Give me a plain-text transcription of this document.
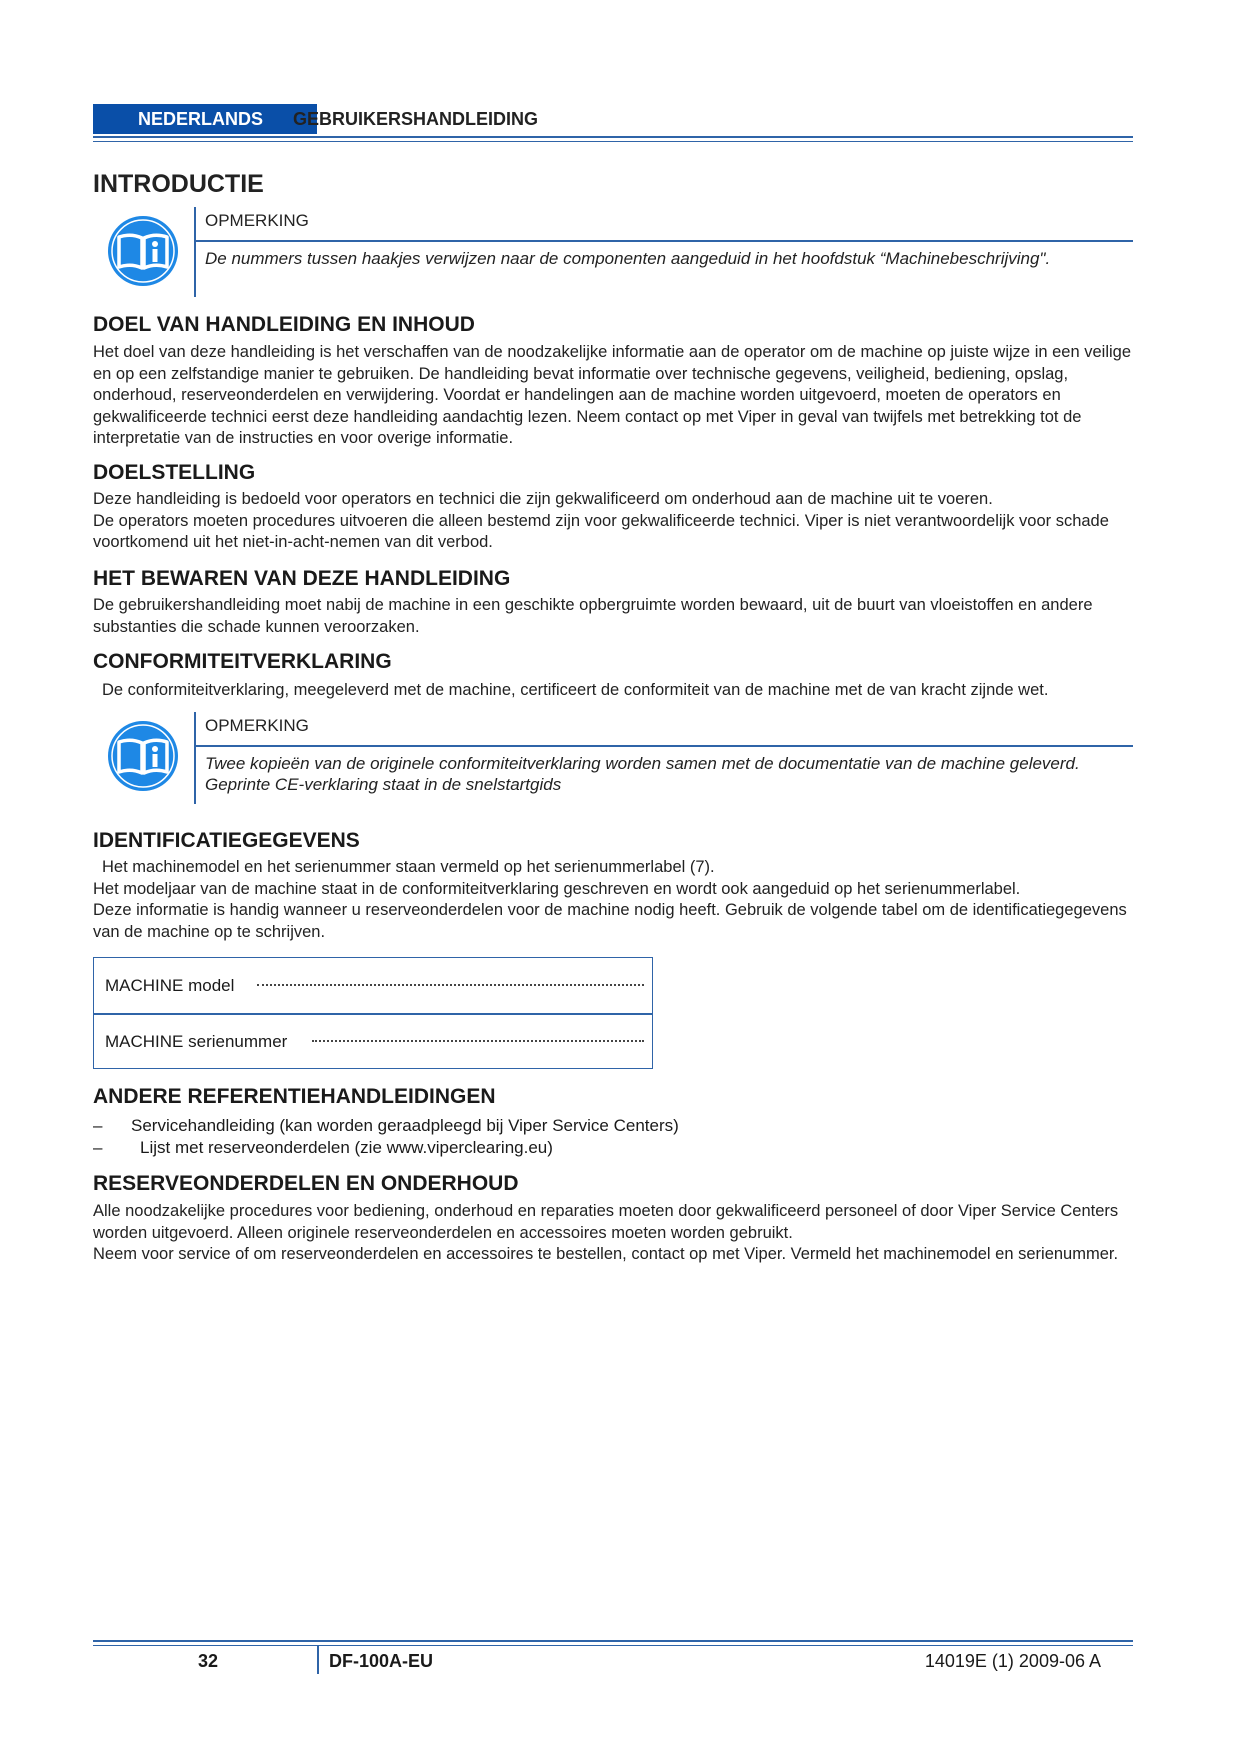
NEDERLANDS	GEBRUIKERSHANDLEIDING
INTRODUCTIE
OPMERKING
De nummers tussen haakjes verwijzen naar de componenten aangeduid in het hoofdstuk “Machinebeschrijving".
DOEL VAN HANDLEIDING EN INHOUD

Het doel van deze handleiding is het verschaffen van de noodzakelijke informatie aan de operator om de machine op juiste wijze in een veilige en op een zelfstandige manier te gebruiken. De handleiding bevat informatie over technische gegevens, veiligheid, bediening, opslag, onderhoud, reserveonderdelen en verwijdering. Voordat er handelingen aan de machine worden uitgevoerd, moeten de operators en gekwalificeerde technici eerst deze handleiding aandachtig lezen. Neem contact op met Viper in geval van twijfels met betrekking tot de interpretatie van de instructies en voor overige informatie.

DOELSTELLING

Deze handleiding is bedoeld voor operators en technici die zijn gekwalificeerd om onderhoud aan de machine uit te voeren.

De operators moeten procedures uitvoeren die alleen bestemd zijn voor gekwalificeerde technici. Viper is niet verantwoordelijk voor schade voortkomend uit het niet-in-acht-nemen van dit verbod.

HET BEWAREN VAN DEZE HANDLEIDING

De gebruikershandleiding moet nabij de machine in een geschikte opbergruimte worden bewaard, uit de buurt van vloeistoffen en andere substanties die schade kunnen veroorzaken.

CONFORMITEITVERKLARING

De conformiteitverklaring, meegeleverd met de machine, certificeert de conformiteit van de machine met de van kracht zijnde wet.

OPMERKING
Twee kopieën van de originele conformiteitverklaring worden samen met de documentatie van de machine geleverd.
Geprinte CE-verklaring staat in de snelstartgids
IDENTIFICATIEGEGEVENS

Het machinemodel en het serienummer staan vermeld op het serienummerlabel (7).

Het modeljaar van de machine staat in de conformiteitverklaring geschreven en wordt ook aangeduid op het serienummerlabel.

Deze informatie is handig wanneer u reserveonderdelen voor de machine nodig heeft. Gebruik de volgende tabel om de identificatiegegevens van de machine op te schrijven.

MACHINE model
MACHINE serienummer
ANDERE REFERENTIEHANDLEIDINGEN
– Servicehandleiding (kan worden geraadpleegd bij Viper Service Centers)
– Lijst met reserveonderdelen (zie www.viperclearing.eu)
RESERVEONDERDELEN EN ONDERHOUD

Alle noodzakelijke procedures voor bediening, onderhoud en reparaties moeten door gekwalificeerd personeel of door Viper Service Centers worden uitgevoerd. Alleen originele reserveonderdelen en accessoires moeten worden gebruikt.

Neem voor service of om reserveonderdelen en accessoires te bestellen, contact op met Viper. Vermeld het machinemodel en serienummer.

32	DF-100A-EU	14019E (1) 2009-06 A
